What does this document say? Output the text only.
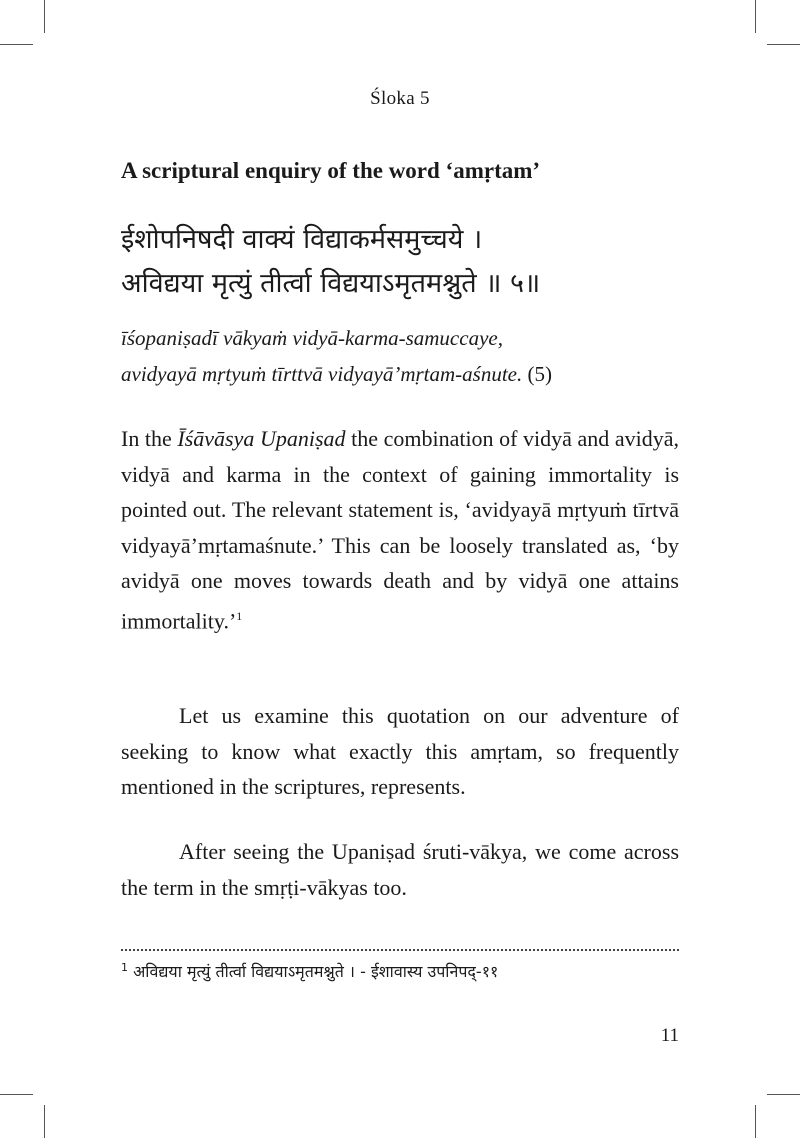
Śloka 5
A scriptural enquiry of the word ‘amṛtam’
ईशोपनिषदी वाक्यं विद्याकर्मसमुच्चये ।
अविद्यया मृत्युं तीर्त्वा विद्ययाऽमृतमश्नुते ॥ ५॥
īśopaniṣadī vākyaṁ vidyā-karma-samuccaye,
avidyayā mṛtyuṁ tīrttvā vidyayā’mṛtam-aśnute. (5)
In the Īśāvāsya Upaniṣad the combination of vidyā and avidyā, vidyā and karma in the context of gaining immortality is pointed out. The relevant statement is, ‘avidyayā mṛtyuṁ tīrtvā vidyayā’mṛtamaśnute.’ This can be loosely translated as, ‘by avidyā one moves towards death and by vidyā one attains immortality.’$^1$
Let us examine this quotation on our adventure of seeking to know what exactly this amṛtam, so frequently mentioned in the scriptures, represents.
After seeing the Upaniṣad śruti-vākya, we come across the term in the smṛṭi-vākyas too.
$^1$ अविद्यया मृत्युं तीर्त्वा विद्ययाऽमृतमश्नुते । - ईशावास्य उपनिपद्-११
11
